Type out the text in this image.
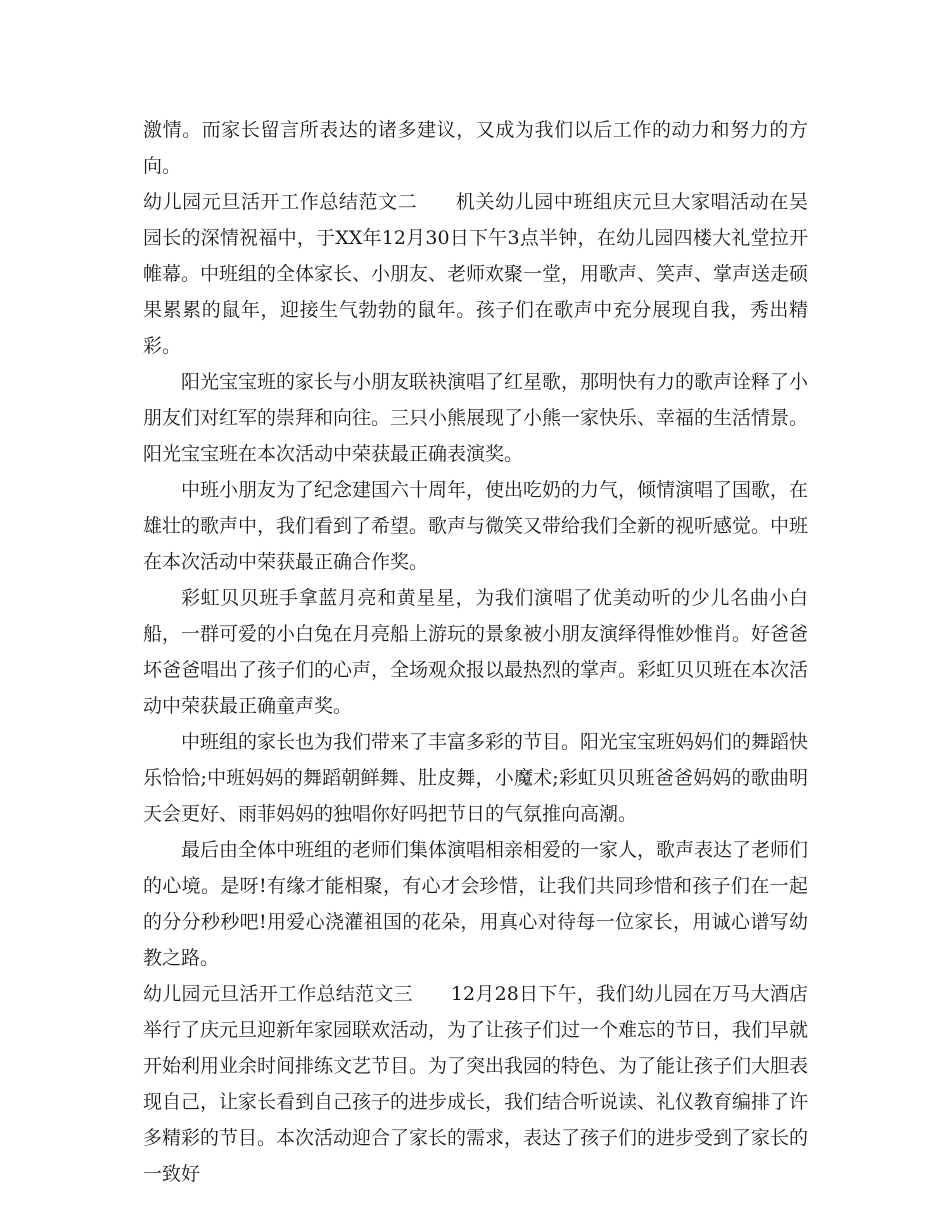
激情。而家长留言所表达的诸多建议，又成为我们以后工作的动力和努力的方向。

幼儿园元旦活开工作总结范文二 机关幼儿园中班组庆元旦大家唱活动在吴园长的深情祝福中，于XX年12月30日下午3点半钟，在幼儿园四楼大礼堂拉开帷幕。中班组的全体家长、小朋友、老师欢聚一堂，用歌声、笑声、掌声送走硕果累累的鼠年，迎接生气勃勃的鼠年。孩子们在歌声中充分展现自我，秀出精彩。

阳光宝宝班的家长与小朋友联袂演唱了红星歌，那明快有力的歌声诠释了小朋友们对红军的崇拜和向往。三只小熊展现了小熊一家快乐、幸福的生活情景。阳光宝宝班在本次活动中荣获最正确表演奖。

中班小朋友为了纪念建国六十周年，使出吃奶的力气，倾情演唱了国歌，在雄壮的歌声中，我们看到了希望。歌声与微笑又带给我们全新的视听感觉。中班在本次活动中荣获最正确合作奖。

彩虹贝贝班手拿蓝月亮和黄星星，为我们演唱了优美动听的少儿名曲小白船，一群可爱的小白兔在月亮船上游玩的景象被小朋友演绎得惟妙惟肖。好爸爸坏爸爸唱出了孩子们的心声，全场观众报以最热烈的掌声。彩虹贝贝班在本次活动中荣获最正确童声奖。

中班组的家长也为我们带来了丰富多彩的节目。阳光宝宝班妈妈们的舞蹈快乐恰恰;中班妈妈的舞蹈朝鲜舞、肚皮舞，小魔术;彩虹贝贝班爸爸妈妈的歌曲明天会更好、雨菲妈妈的独唱你好吗把节日的气氛推向高潮。

最后由全体中班组的老师们集体演唱相亲相爱的一家人，歌声表达了老师们的心境。是呀!有缘才能相聚，有心才会珍惜，让我们共同珍惜和孩子们在一起的分分秒秒吧!用爱心浇灌祖国的花朵，用真心对待每一位家长，用诚心谱写幼教之路。

幼儿园元旦活开工作总结范文三 12月28日下午，我们幼儿园在万马大酒店举行了庆元旦迎新年家园联欢活动，为了让孩子们过一个难忘的节日，我们早就开始利用业余时间排练文艺节目。为了突出我园的特色、为了能让孩子们大胆表现自己，让家长看到自己孩子的进步成长，我们结合听说读、礼仪教育编排了许多精彩的节目。本次活动迎合了家长的需求，表达了孩子们的进步受到了家长的一致好
